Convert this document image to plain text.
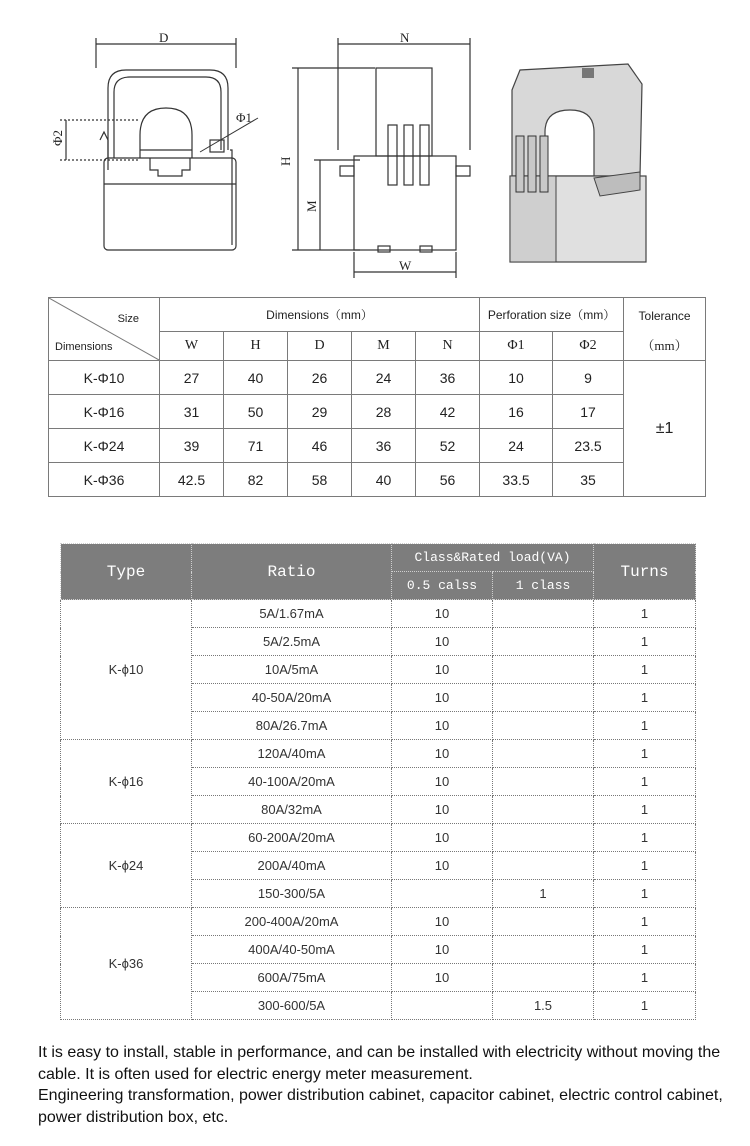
D	N
Φ1
Φ2
H
M
W
Size
Dimensions	Dimensions（mm）					Perforation size（mm）		Tolerance
（mm）

	W	H	D	M	N	Φ1	Φ2	
K-Φ10	27	40	26	24	36	10	9	±1
K-Φ16	31	50	29	28	42	16	17	
K-Φ24	39	71	46	36	52	24	23.5	
K-Φ36	42.5	82	58	40	56	33.5	35	
Type	Ratio	Class&Rated load(VA)		Turns
		0.5 calss	1 class	
K-ϕ10	5A/1.67mA	10		1
	5A/2.5mA	10		1
	10A/5mA	10		1
	40-50A/20mA	10		1
	80A/26.7mA	10		1
K-ϕ16	120A/40mA	10		1
	40-100A/20mA	10		1
	80A/32mA	10		1
K-ϕ24	60-200A/20mA	10		1
	200A/40mA	10		1
	150-300/5A		1	1
K-ϕ36	200-400A/20mA	10		1
	400A/40-50mA	10		1
	600A/75mA	10		1
	300-600/5A		1.5	1

It is easy to install, stable in performance, and can be installed with electricity without moving the cable. It is often used for electric energy meter measurement.

Engineering transformation, power distribution cabinet, capacitor cabinet, electric control cabinet, power distribution box, etc.
